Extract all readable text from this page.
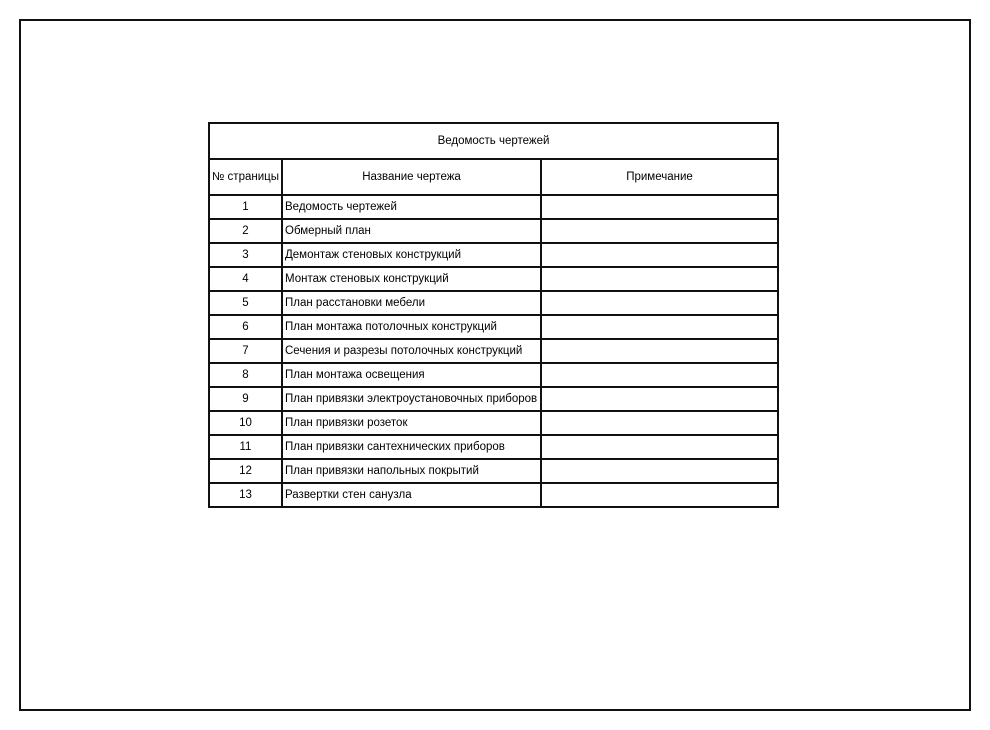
Ведомость чертежей		
№ страницы	Название чертежа	Примечание
1	Ведомость чертежей	
2	Обмерный план	
3	Демонтаж стеновых конструкций	
4	Монтаж стеновых конструкций	
5	План расстановки мебели	
6	План монтажа потолочных конструкций	
7	Сечения и разрезы потолочных конструкций	
8	План монтажа освещения	
9	План привязки электроустановочных приборов	
10	План привязки розеток	
11	План привязки сантехнических приборов	
12	План привязки напольных покрытий	
13	Развертки стен санузла	
